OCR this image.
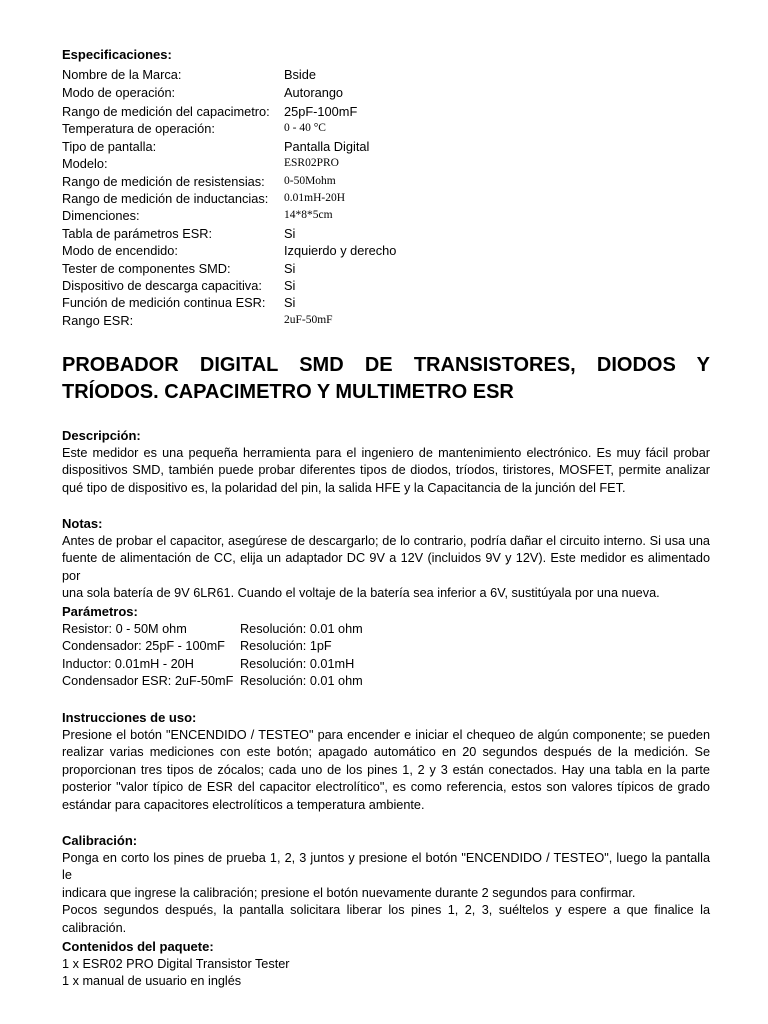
Especificaciones:
Nombre de la Marca:	Bside
Modo de operación:	Autorango
Rango de medición del capacimetro: 25pF-100mF
Temperatura de operación:	0 - 40 °C
Tipo de pantalla:	Pantalla Digital
Modelo:	ESR02PRO
Rango de medición de resistensias: 0-50Mohm
Rango de medición de inductancias: 0.01mH-20H
Dimenciones:	14*8*5cm
Tabla de parámetros ESR:	Si
Modo de encendido:	Izquierdo y derecho
Tester de componentes SMD:	Si
Dispositivo de descarga capacitiva: Si
Función de medición continua ESR: Si
Rango ESR:	2uF-50mF
PROBADOR DIGITAL SMD DE TRANSISTORES, DIODOS Y TRÍODOS. CAPACIMETRO Y MULTIMETRO ESR

Descripción:

Este medidor es una pequeña herramienta para el ingeniero de mantenimiento electrónico. Es muy fácil probar
dispositivos SMD, también puede probar diferentes tipos de diodos, tríodos, tiristores, MOSFET, permite analizar
qué tipo de dispositivo es, la polaridad del pin, la salida HFE y la Capacitancia de la junción del FET.

Notas:

Antes de probar el capacitor, asegúrese de descargarlo; de lo contrario, podría dañar el circuito interno. Si usa una
fuente de alimentación de CC, elija un adaptador DC 9V a 12V (incluidos 9V y 12V). Este medidor es alimentado por
una sola batería de 9V 6LR61. Cuando el voltaje de la batería sea inferior a 6V, sustitúyala por una nueva.

Parámetros:

Resistor: 0 - 50M ohm	Resolución: 0.01 ohm
Condensador: 25pF - 100mF Resolución: 1pF
Inductor: 0.01mH - 20H	Resolución: 0.01mH
Condensador ESR: 2uF-50mF Resolución: 0.01 ohm

Instrucciones de uso:

Presione el botón "ENCENDIDO / TESTEO" para encender e iniciar el chequeo de algún componente; se pueden
realizar varias mediciones con este botón; apagado automático en 20 segundos después de la medición. Se
proporcionan tres tipos de zócalos; cada uno de los pines 1, 2 y 3 están conectados. Hay una tabla en la parte
posterior "valor típico de ESR del capacitor electrolítico", es como referencia, estos son valores típicos de grado
estándar para capacitores electrolíticos a temperatura ambiente.

Calibración:

Ponga en corto los pines de prueba 1, 2, 3 juntos y presione el botón "ENCENDIDO / TESTEO", luego la pantalla le
indicara que ingrese la calibración; presione el botón nuevamente durante 2 segundos para confirmar.
Pocos segundos después, la pantalla solicitara liberar los pines 1, 2, 3, suéltelos y espere a que finalice la
calibración.

Contenidos del paquete:

1 x ESR02 PRO Digital Transistor Tester
1 x manual de usuario en inglés
